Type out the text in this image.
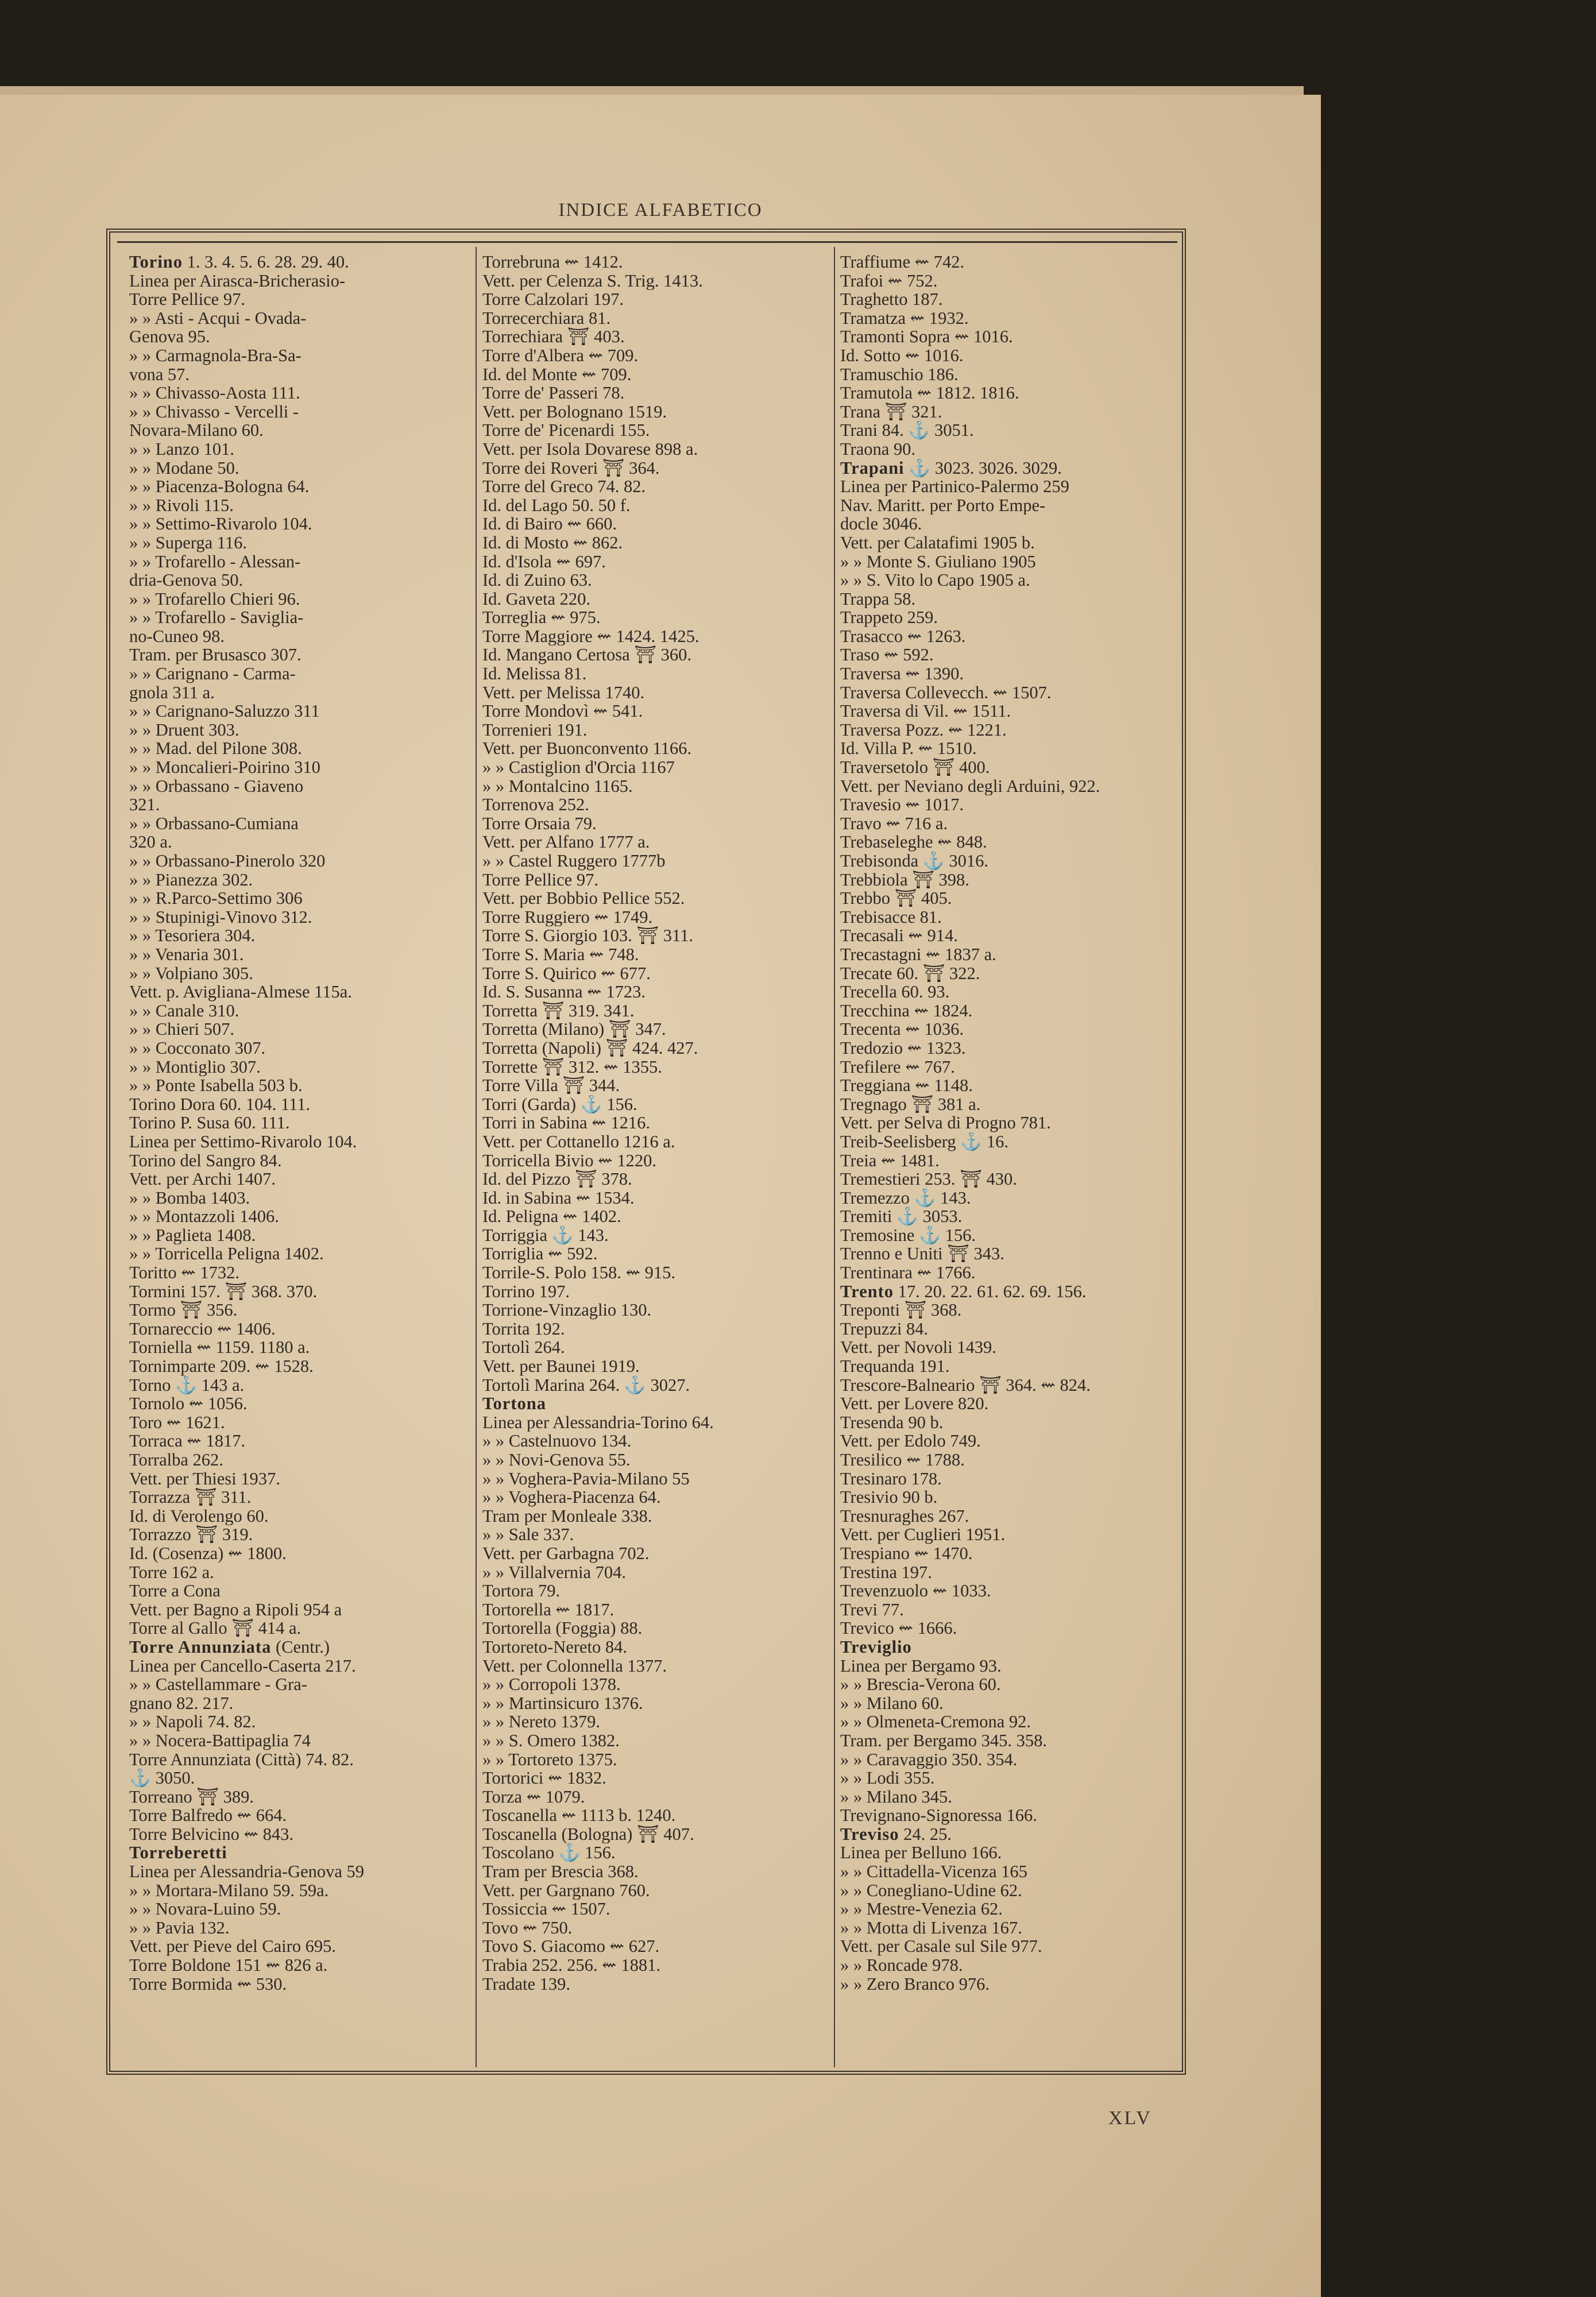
INDICE ALFABETICO
Torino 1. 3. 4. 5. 6. 28. 29. 40.
Linea per Airasca-Bricherasio-
Torre Pellice 97.
» » Asti - Acqui - Ovada-
Genova 95.
» » Carmagnola-Bra-Sa-
vona 57.
» » Chivasso-Aosta 111.
» » Chivasso - Vercelli -
Novara-Milano 60.
» » Lanzo 101.
» » Modane 50.
» » Piacenza-Bologna 64.
» » Rivoli 115.
» » Settimo-Rivarolo 104.
» » Superga 116.
» » Trofarello - Alessan-
dria-Genova 50.
» » Trofarello Chieri 96.
» » Trofarello - Saviglia-
no-Cuneo 98.
Tram. per Brusasco 307.
» » Carignano - Carma-
gnola 311 a.
» » Carignano-Saluzzo 311
» » Druent 303.
» » Mad. del Pilone 308.
» » Moncalieri-Poirino 310
» » Orbassano - Giaveno
321.
» » Orbassano-Cumiana
320 a.
» » Orbassano-Pinerolo 320
» » Pianezza 302.
» » R.Parco-Settimo 306
» » Stupinigi-Vinovo 312.
» » Tesoriera 304.
» » Venaria 301.
» » Volpiano 305.
Vett. p. Avigliana-Almese 115a.
» » Canale 310.
» » Chieri 507.
» » Cocconato 307.
» » Montiglio 307.
» » Ponte Isabella 503 b.
Torino Dora 60. 104. 111.
Torino P. Susa 60. 111.
Linea per Settimo-Rivarolo 104.
Torino del Sangro 84.
Vett. per Archi 1407.
» » Bomba 1403.
» » Montazzoli 1406.
» » Paglieta 1408.
» » Torricella Peligna 1402.
Toritto ⇜ 1732.
Tormini 157. ⛩ 368. 370.
Tormo ⛩ 356.
Tornareccio ⇜ 1406.
Torniella ⇜ 1159. 1180 a.
Tornimparte 209. ⇜ 1528.
Torno ⚓ 143 a.
Tornolo ⇜ 1056.
Toro ⇜ 1621.
Torraca ⇜ 1817.
Torralba 262.
Vett. per Thiesi 1937.
Torrazza ⛩ 311.
Id. di Verolengo 60.
Torrazzo ⛩ 319.
Id. (Cosenza) ⇜ 1800.
Torre 162 a.
Torre a Cona
Vett. per Bagno a Ripoli 954 a
Torre al Gallo ⛩ 414 a.
Torre Annunziata (Centr.)
Linea per Cancello-Caserta 217.
» » Castellammare - Gra-
gnano 82. 217.
» » Napoli 74. 82.
» » Nocera-Battipaglia 74
Torre Annunziata (Città) 74. 82.
⚓ 3050.
Torreano ⛩ 389.
Torre Balfredo ⇜ 664.
Torre Belvicino ⇜ 843.
Torreberetti
Linea per Alessandria-Genova 59
» » Mortara-Milano 59. 59a.
» » Novara-Luino 59.
» » Pavia 132.
Vett. per Pieve del Cairo 695.
Torre Boldone 151 ⇜ 826 a.
Torre Bormida ⇜ 530.
Torrebruna ⇜ 1412.
Vett. per Celenza S. Trig. 1413.
Torre Calzolari 197.
Torrecerchiara 81.
Torrechiara ⛩ 403.
Torre d'Albera ⇜ 709.
Id. del Monte ⇜ 709.
Torre de' Passeri 78.
Vett. per Bolognano 1519.
Torre de' Picenardi 155.
Vett. per Isola Dovarese 898 a.
Torre dei Roveri ⛩ 364.
Torre del Greco 74. 82.
Id. del Lago 50. 50 f.
Id. di Bairo ⇜ 660.
Id. di Mosto ⇜ 862.
Id. d'Isola ⇜ 697.
Id. di Zuino 63.
Id. Gaveta 220.
Torreglia ⇜ 975.
Torre Maggiore ⇜ 1424. 1425.
Id. Mangano Certosa ⛩ 360.
Id. Melissa 81.
Vett. per Melissa 1740.
Torre Mondovì ⇜ 541.
Torrenieri 191.
Vett. per Buonconvento 1166.
» » Castiglion d'Orcia 1167
» » Montalcino 1165.
Torrenova 252.
Torre Orsaia 79.
Vett. per Alfano 1777 a.
» » Castel Ruggero 1777b
Torre Pellice 97.
Vett. per Bobbio Pellice 552.
Torre Ruggiero ⇜ 1749.
Torre S. Giorgio 103. ⛩ 311.
Torre S. Maria ⇜ 748.
Torre S. Quirico ⇜ 677.
Id. S. Susanna ⇜ 1723.
Torretta ⛩ 319. 341.
Torretta (Milano) ⛩ 347.
Torretta (Napoli) ⛩ 424. 427.
Torrette ⛩ 312. ⇜ 1355.
Torre Villa ⛩ 344.
Torri (Garda) ⚓ 156.
Torri in Sabina ⇜ 1216.
Vett. per Cottanello 1216 a.
Torricella Bivio ⇜ 1220.
Id. del Pizzo ⛩ 378.
Id. in Sabina ⇜ 1534.
Id. Peligna ⇜ 1402.
Torriggia ⚓ 143.
Torriglia ⇜ 592.
Torrile-S. Polo 158. ⇜ 915.
Torrino 197.
Torrione-Vinzaglio 130.
Torrita 192.
Tortolì 264.
Vett. per Baunei 1919.
Tortolì Marina 264. ⚓ 3027.
Tortona
Linea per Alessandria-Torino 64.
» » Castelnuovo 134.
» » Novi-Genova 55.
» » Voghera-Pavia-Milano 55
» » Voghera-Piacenza 64.
Tram per Monleale 338.
» » Sale 337.
Vett. per Garbagna 702.
» » Villalvernia 704.
Tortora 79.
Tortorella ⇜ 1817.
Tortorella (Foggia) 88.
Tortoreto-Nereto 84.
Vett. per Colonnella 1377.
» » Corropoli 1378.
» » Martinsicuro 1376.
» » Nereto 1379.
» » S. Omero 1382.
» » Tortoreto 1375.
Tortorici ⇜ 1832.
Torza ⇜ 1079.
Toscanella ⇜ 1113 b. 1240.
Toscanella (Bologna) ⛩ 407.
Toscolano ⚓ 156.
Tram per Brescia 368.
Vett. per Gargnano 760.
Tossiccia ⇜ 1507.
Tovo ⇜ 750.
Tovo S. Giacomo ⇜ 627.
Trabia 252. 256. ⇜ 1881.
Tradate 139.
Traffiume ⇜ 742.
Trafoi ⇜ 752.
Traghetto 187.
Tramatza ⇜ 1932.
Tramonti Sopra ⇜ 1016.
Id. Sotto ⇜ 1016.
Tramuschio 186.
Tramutola ⇜ 1812. 1816.
Trana ⛩ 321.
Trani 84. ⚓ 3051.
Traona 90.
Trapani ⚓ 3023. 3026. 3029.
Linea per Partinico-Palermo 259
Nav. Maritt. per Porto Empe-
docle 3046.
Vett. per Calatafimi 1905 b.
» » Monte S. Giuliano 1905
» » S. Vito lo Capo 1905 a.
Trappa 58.
Trappeto 259.
Trasacco ⇜ 1263.
Traso ⇜ 592.
Traversa ⇜ 1390.
Traversa Collevecch. ⇜ 1507.
Traversa di Vil. ⇜ 1511.
Traversa Pozz. ⇜ 1221.
Id. Villa P. ⇜ 1510.
Traversetolo ⛩ 400.
Vett. per Neviano degli Arduini, 922.
Travesio ⇜ 1017.
Travo ⇜ 716 a.
Trebaseleghe ⇜ 848.
Trebisonda ⚓ 3016.
Trebbiola ⛩ 398.
Trebbo ⛩ 405.
Trebisacce 81.
Trecasali ⇜ 914.
Trecastagni ⇜ 1837 a.
Trecate 60. ⛩ 322.
Trecella 60. 93.
Trecchina ⇜ 1824.
Trecenta ⇜ 1036.
Tredozio ⇜ 1323.
Trefilere ⇜ 767.
Treggiana ⇜ 1148.
Tregnago ⛩ 381 a.
Vett. per Selva di Progno 781.
Treib-Seelisberg ⚓ 16.
Treia ⇜ 1481.
Tremestieri 253. ⛩ 430.
Tremezzo ⚓ 143.
Tremiti ⚓ 3053.
Tremosine ⚓ 156.
Trenno e Uniti ⛩ 343.
Trentinara ⇜ 1766.
Trento 17. 20. 22. 61. 62. 69. 156.
Treponti ⛩ 368.
Trepuzzi 84.
Vett. per Novoli 1439.
Trequanda 191.
Trescore-Balneario ⛩ 364. ⇜ 824.
Vett. per Lovere 820.
Tresenda 90 b.
Vett. per Edolo 749.
Tresilico ⇜ 1788.
Tresinaro 178.
Tresivio 90 b.
Tresnuraghes 267.
Vett. per Cuglieri 1951.
Trespiano ⇜ 1470.
Trestina 197.
Trevenzuolo ⇜ 1033.
Trevi 77.
Trevico ⇜ 1666.
Treviglio
Linea per Bergamo 93.
» » Brescia-Verona 60.
» » Milano 60.
» » Olmeneta-Cremona 92.
Tram. per Bergamo 345. 358.
» » Caravaggio 350. 354.
» » Lodi 355.
» » Milano 345.
Trevignano-Signoressa 166.
Treviso 24. 25.
Linea per Belluno 166.
» » Cittadella-Vicenza 165
» » Conegliano-Udine 62.
» » Mestre-Venezia 62.
» » Motta di Livenza 167.
Vett. per Casale sul Sile 977.
» » Roncade 978.
» » Zero Branco 976.
XLV
